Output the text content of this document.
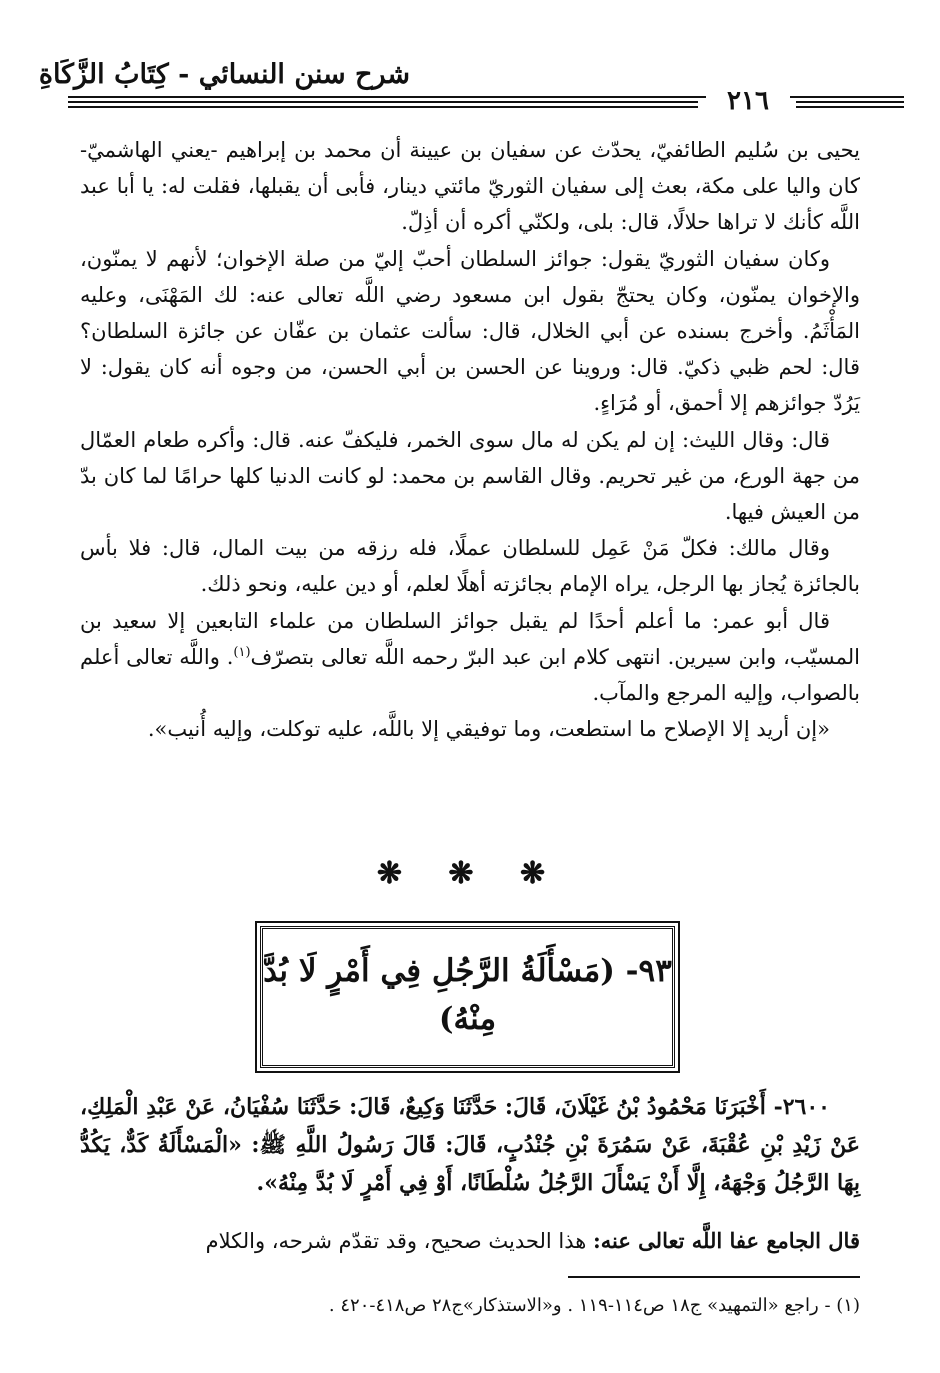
شرح سنن النسائي - كِتَابُ الزَّكَاةِ
٢١٦

يحيى بن سُليم الطائفيّ، يحدّث عن سفيان بن عيينة أن محمد بن إبراهيم -يعني الهاشميّ- كان واليا على مكة، بعث إلى سفيان الثوريّ مائتي دينار، فأبى أن يقبلها، فقلت له: يا أبا عبد اللَّه كأنك لا تراها حلالًا، قال: بلى، ولكنّي أكره أن أذِلّ.

وكان سفيان الثوريّ يقول: جوائز السلطان أحبّ إليّ من صلة الإخوان؛ لأنهم لا يمنّون، والإخوان يمنّون، وكان يحتجّ بقول ابن مسعود رضي اللَّه تعالى عنه: لك المَهْنَى، وعليه المَأْثَمُ. وأخرج بسنده عن أبي الخلال، قال: سألت عثمان بن عفّان عن جائزة السلطان؟ قال: لحم ظبي ذكيّ. قال: وروينا عن الحسن بن أبي الحسن، من وجوه أنه كان يقول: لا يَرُدّ جوائزهم إلا أحمق، أو مُرَاءٍ.

قال: وقال الليث: إن لم يكن له مال سوى الخمر، فليكفّ عنه. قال: وأكره طعام العمّال من جهة الورع، من غير تحريم. وقال القاسم بن محمد: لو كانت الدنيا كلها حرامًا لما كان بدّ من العيش فيها.

وقال مالك: فكلّ مَنْ عَمِل للسلطان عملًا، فله رزقه من بيت المال، قال: فلا بأس بالجائزة يُجاز بها الرجل، يراه الإمام بجائزته أهلًا لعلم، أو دين عليه، ونحو ذلك.

قال أبو عمر: ما أعلم أحدًا لم يقبل جوائز السلطان من علماء التابعين إلا سعيد بن المسيّب، وابن سيرين. انتهى كلام ابن عبد البرّ رحمه اللَّه تعالى بتصرّف$^{(١)}$. واللَّه تعالى أعلم بالصواب، وإليه المرجع والمآب.

«إن أريد إلا الإصلاح ما استطعت، وما توفيقي إلا باللَّه، عليه توكلت، وإليه أُنيب».

❋ ❋ ❋
٩٣- (مَسْأَلَةُ الرَّجُلِ فِي أَمْرٍ لَا بُدَّ مِنْهُ)

٢٦٠٠- أَخْبَرَنَا مَحْمُودُ بْنُ غَيْلَانَ، قَالَ: حَدَّثَنَا وَكِيعٌ، قَالَ: حَدَّثَنَا سُفْيَانُ، عَنْ عَبْدِ الْمَلِكِ، عَنْ زَيْدِ بْنِ عُقْبَةَ، عَنْ سَمُرَةَ بْنِ جُنْدُبٍ، قَالَ: قَالَ رَسُولُ اللَّهِ ﷺ: «الْمَسْأَلَةُ كَدٌّ، يَكُدُّ بِهَا الرَّجُلُ وَجْهَهُ، إِلَّا أَنْ يَسْأَلَ الرَّجُلُ سُلْطَانًا، أَوْ فِي أَمْرٍ لَا بُدَّ مِنْهُ».

قال الجامع عفا اللَّه تعالى عنه: هذا الحديث صحيح، وقد تقدّم شرحه، والكلام
(١) - راجع «التمهيد» ج١٨ ص١١٤-١١٩ . و«الاستذكار»ج٢٨ ص٤١٨-٤٢٠ .
